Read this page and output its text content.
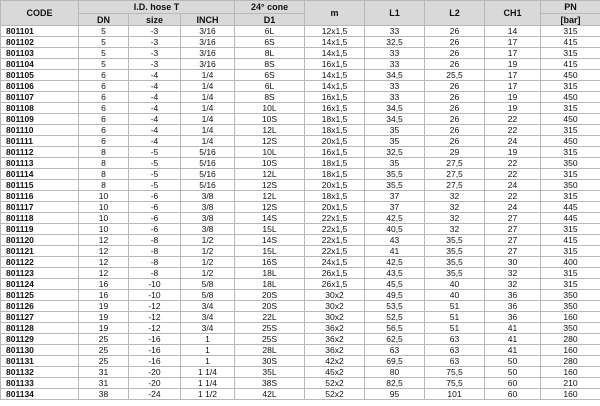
CODE	I.D. hose T			24° cone	m	L1	L2	CH1	PN
	DN	size	INCH	D1					[bar]
801101	5	-3	3/16	6L	12x1,5	33	26	14	315
801102	5	-3	3/16	6S	14x1,5	32,5	26	17	415
801103	5	-3	3/16	8L	14x1,5	33	26	17	315
801104	5	-3	3/16	8S	16x1,5	33	26	19	415
801105	6	-4	1/4	6S	14x1,5	34,5	25,5	17	450
801106	6	-4	1/4	6L	14x1,5	33	26	17	315
801107	6	-4	1/4	8S	16x1,5	33	26	19	450
801108	6	-4	1/4	10L	16x1,5	34,5	26	19	315
801109	6	-4	1/4	10S	18x1,5	34,5	26	22	450
801110	6	-4	1/4	12L	18x1,5	35	26	22	315
801111	6	-4	1/4	12S	20x1,5	35	26	24	450
801112	8	-5	5/16	10L	16x1,5	32,5	29	19	315
801113	8	-5	5/16	10S	18x1,5	35	27,5	22	350
801114	8	-5	5/16	12L	18x1,5	35,5	27,5	22	315
801115	8	-5	5/16	12S	20x1,5	35,5	27,5	24	350
801116	10	-6	3/8	12L	18x1,5	37	32	22	315
801117	10	-6	3/8	12S	20x1,5	37	32	24	445
801118	10	-6	3/8	14S	22x1,5	42,5	32	27	445
801119	10	-6	3/8	15L	22x1,5	40,5	32	27	315
801120	12	-8	1/2	14S	22x1,5	43	35,5	27	415
801121	12	-8	1/2	15L	22x1,5	41	35,5	27	315
801122	12	-8	1/2	16S	24x1,5	42,5	35,5	30	400
801123	12	-8	1/2	18L	26x1,5	43,5	35,5	32	315
801124	16	-10	5/8	18L	26x1,5	45,5	40	32	315
801125	16	-10	5/8	20S	30x2	49,5	40	36	350
801126	19	-12	3/4	20S	30x2	53,5	51	36	350
801127	19	-12	3/4	22L	30x2	52,5	51	36	160
801128	19	-12	3/4	25S	36x2	56,5	51	41	350
801129	25	-16	1	25S	36x2	62,5	63	41	280
801130	25	-16	1	28L	36x2	63	63	41	160
801131	25	-16	1	30S	42x2	69,5	63	50	280
801132	31	-20	1 1/4	35L	45x2	80	75,5	50	160
801133	31	-20	1 1/4	38S	52x2	82,5	75,5	60	210
801134	38	-24	1 1/2	42L	52x2	95	101	60	160
